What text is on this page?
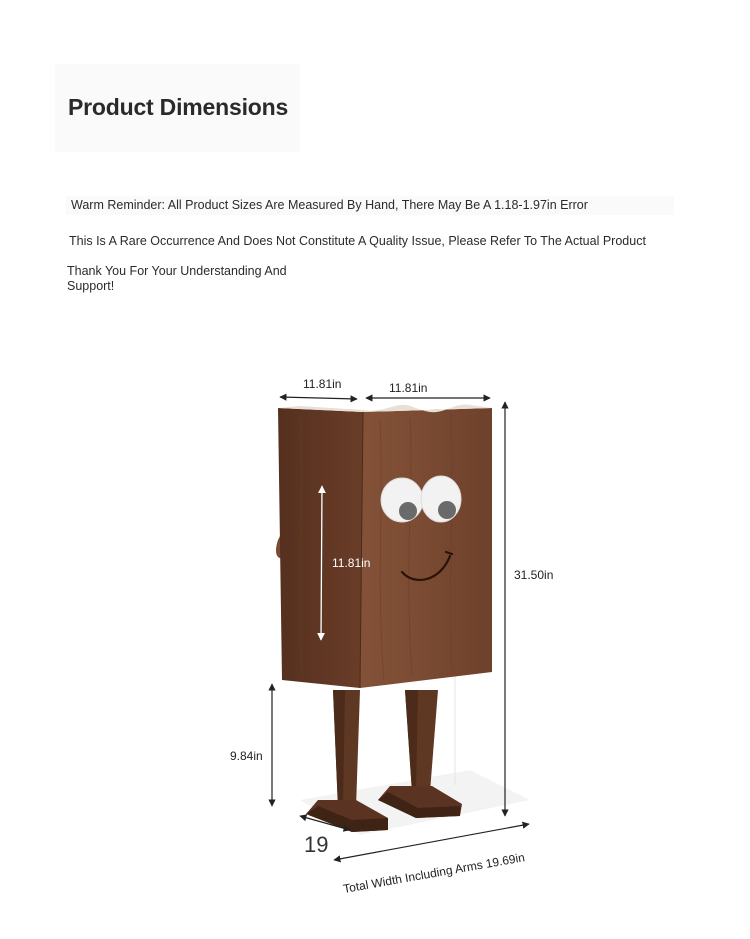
Product Dimensions

Warm Reminder: All Product Sizes Are Measured By Hand, There May Be A 1.18-1.97in Error

This Is A Rare Occurrence And Does Not Constitute A Quality Issue, Please Refer To The Actual Product

Thank You For Your Understanding And Support!

11.81in	11.81in
11.81in
31.50in
9.84in
19
Total Width Including Arms 19.69in
